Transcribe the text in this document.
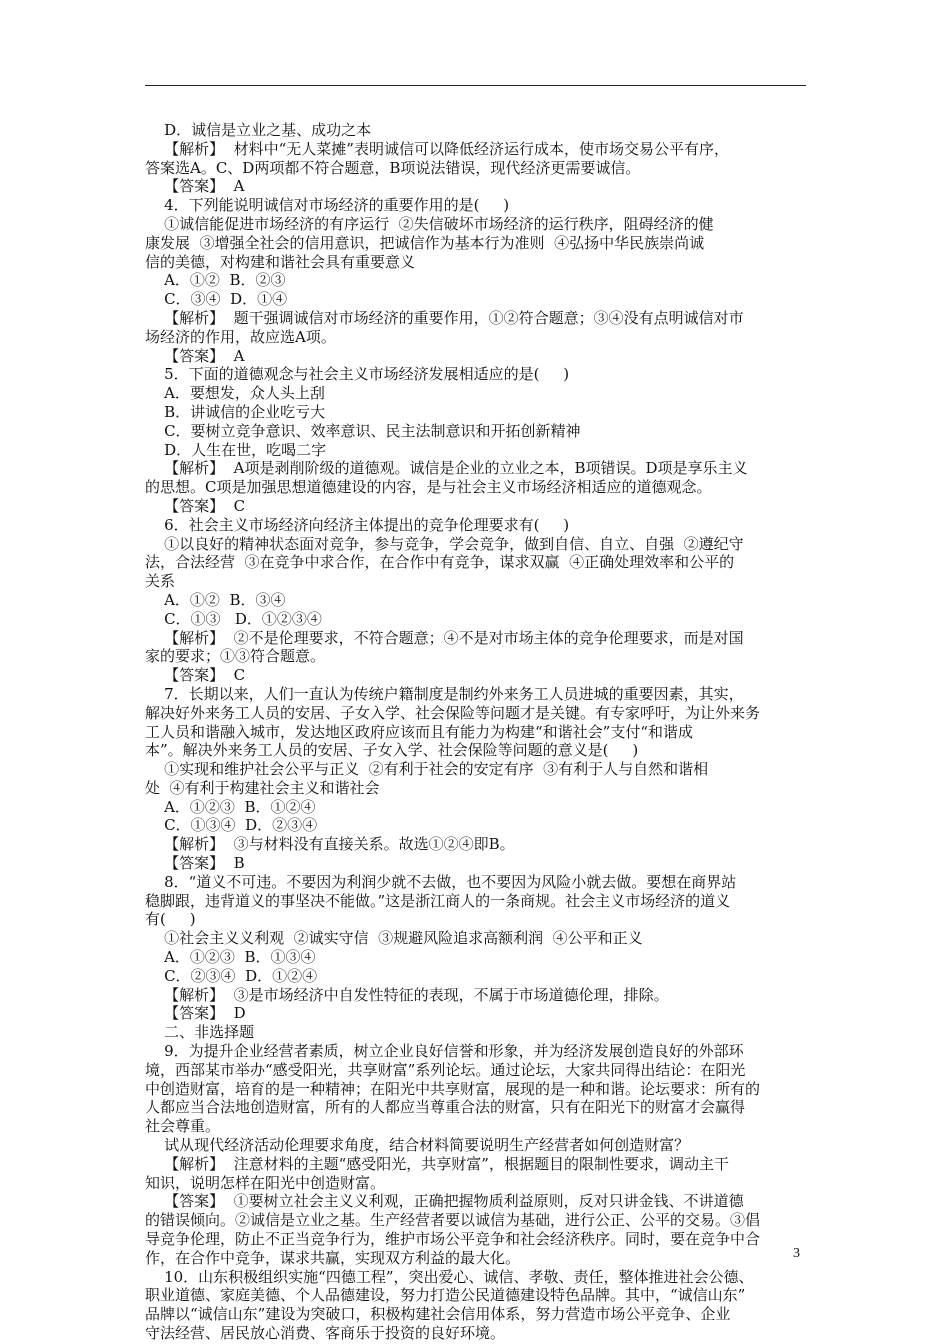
D．诚信是立业之基、成功之本
【解析】  材料中“无人菜摊”表明诚信可以降低经济运行成本，使市场交易公平有序，
答案选A。C、D两项都不符合题意，B项说法错误，现代经济更需要诚信。
【答案】  A
4．下列能说明诚信对市场经济的重要作用的是(     )
①诚信能促进市场经济的有序运行  ②失信破坏市场经济的运行秩序，阻碍经济的健
康发展  ③增强全社会的信用意识，把诚信作为基本行为准则  ④弘扬中华民族崇尚诚
信的美德，对构建和谐社会具有重要意义
A．①②  B．②③
C．③④  D．①④
【解析】  题干强调诚信对市场经济的重要作用，①②符合题意；③④没有点明诚信对市
场经济的作用，故应选A项。
【答案】  A
5．下面的道德观念与社会主义市场经济发展相适应的是(     )
A．要想发，众人头上刮
B．讲诚信的企业吃亏大
C．要树立竞争意识、效率意识、民主法制意识和开拓创新精神
D．人生在世，吃喝二字
【解析】  A项是剥削阶级的道德观。诚信是企业的立业之本，B项错误。D项是享乐主义
的思想。C项是加强思想道德建设的内容，是与社会主义市场经济相适应的道德观念。
【答案】  C
6．社会主义市场经济向经济主体提出的竞争伦理要求有(     )
①以良好的精神状态面对竞争，参与竞争，学会竞争，做到自信、自立、自强  ②遵纪守
法，合法经营  ③在竞争中求合作，在合作中有竞争，谋求双赢  ④正确处理效率和公平的
关系
A．①②  B．③④
C．①③   D．①②③④
【解析】  ②不是伦理要求，不符合题意；④不是对市场主体的竞争伦理要求，而是对国
家的要求；①③符合题意。
【答案】  C
7．长期以来，人们一直认为传统户籍制度是制约外来务工人员进城的重要因素，其实，
解决好外来务工人员的安居、子女入学、社会保险等问题才是关键。有专家呼吁，为让外来务
工人员和谐融入城市，发达地区政府应该而且有能力为构建“和谐社会”支付“和谐成
本”。解决外来务工人员的安居、子女入学、社会保险等问题的意义是(     )
①实现和维护社会公平与正义  ②有利于社会的安定有序  ③有利于人与自然和谐相
处  ④有利于构建社会主义和谐社会
A．①②③  B．①②④
C．①③④  D．②③④
【解析】  ③与材料没有直接关系。故选①②④即B。
【答案】  B
8．“道义不可违。不要因为利润少就不去做，也不要因为风险小就去做。要想在商界站
稳脚跟，违背道义的事坚决不能做。”这是浙江商人的一条商规。社会主义市场经济的道义
有(     )
①社会主义义利观  ②诚实守信  ③规避风险追求高额利润  ④公平和正义
A．①②③  B．①③④
C．②③④  D．①②④
【解析】  ③是市场经济中自发性特征的表现，不属于市场道德伦理，排除。
【答案】  D
二、非选择题
9．为提升企业经营者素质，树立企业良好信誉和形象，并为经济发展创造良好的外部环
境，西部某市举办“感受阳光，共享财富”系列论坛。通过论坛，大家共同得出结论：在阳光
中创造财富，培育的是一种精神；在阳光中共享财富，展现的是一种和谐。论坛要求：所有的
人都应当合法地创造财富，所有的人都应当尊重合法的财富，只有在阳光下的财富才会赢得
社会尊重。
试从现代经济活动伦理要求角度，结合材料简要说明生产经营者如何创造财富？
【解析】  注意材料的主题“感受阳光，共享财富”，根据题目的限制性要求，调动主干
知识，说明怎样在阳光中创造财富。
【答案】  ①要树立社会主义义利观，正确把握物质利益原则，反对只讲金钱、不讲道德
的错误倾向。②诚信是立业之基。生产经营者要以诚信为基础，进行公正、公平的交易。③倡
导竞争伦理，防止不正当竞争行为，维护市场公平竞争和社会经济秩序。同时，要在竞争中合
作，在合作中竞争，谋求共赢，实现双方利益的最大化。
10．山东积极组织实施“四德工程”，突出爱心、诚信、孝敬、责任，整体推进社会公德、
职业道德、家庭美德、个人品德建设，努力打造公民道德建设特色品牌。其中，“诚信山东”
品牌以“诚信山东”建设为突破口，积极构建社会信用体系，努力营造市场公平竞争、企业
守法经营、居民放心消费、客商乐于投资的良好环境。
3
